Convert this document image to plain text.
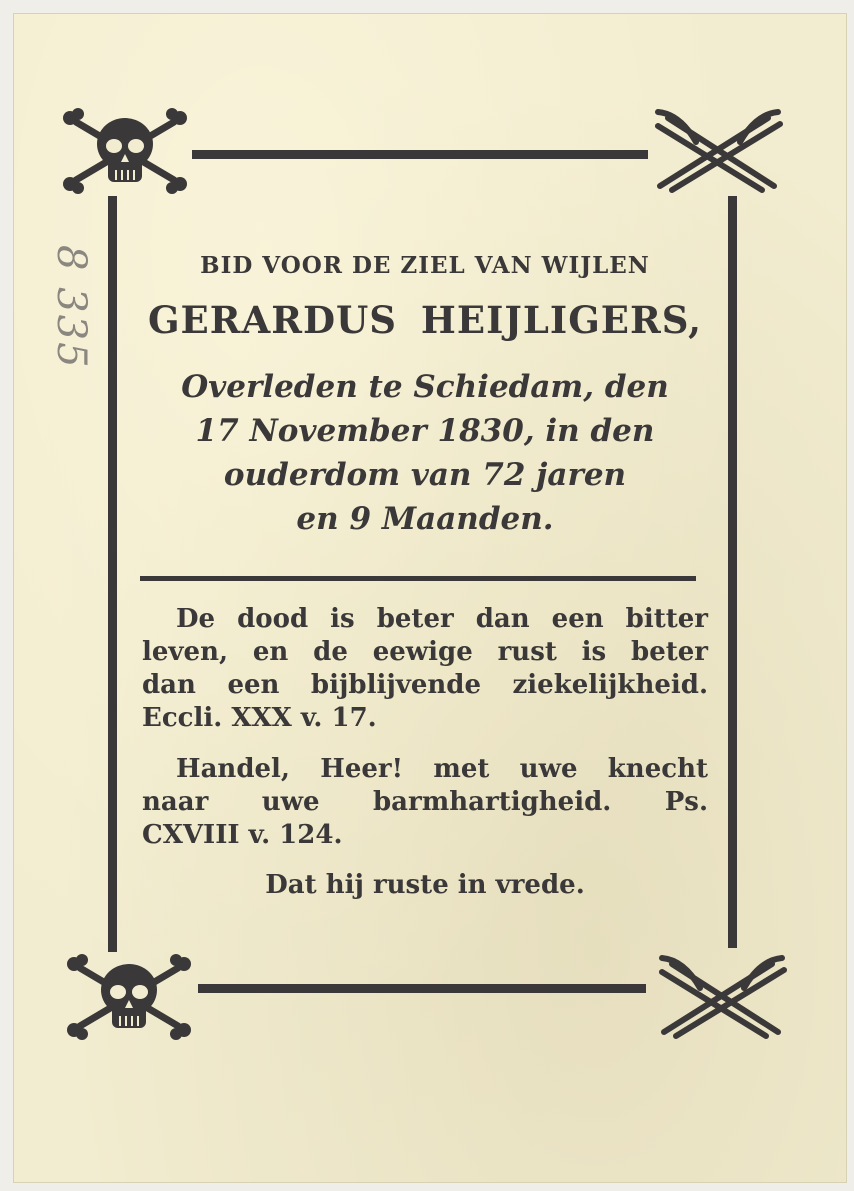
8 335	BID VOOR DE ZIEL VAN WIJLEN
GERARDUS HEIJLIGERS,
Overleden te Schiedam, den
17 November 1830, in den
ouderdom van 72 jaren
en 9 Maanden.
De dood is beter dan een bitter
leven, en de eewige rust is beter
dan een bijblijvende ziekelijkheid.
Eccli. XXX v. 17.
Handel, Heer! met uwe knecht
naar uwe barmhartigheid. Ps.
CXVIII v. 124.
Dat hij ruste in vrede.
